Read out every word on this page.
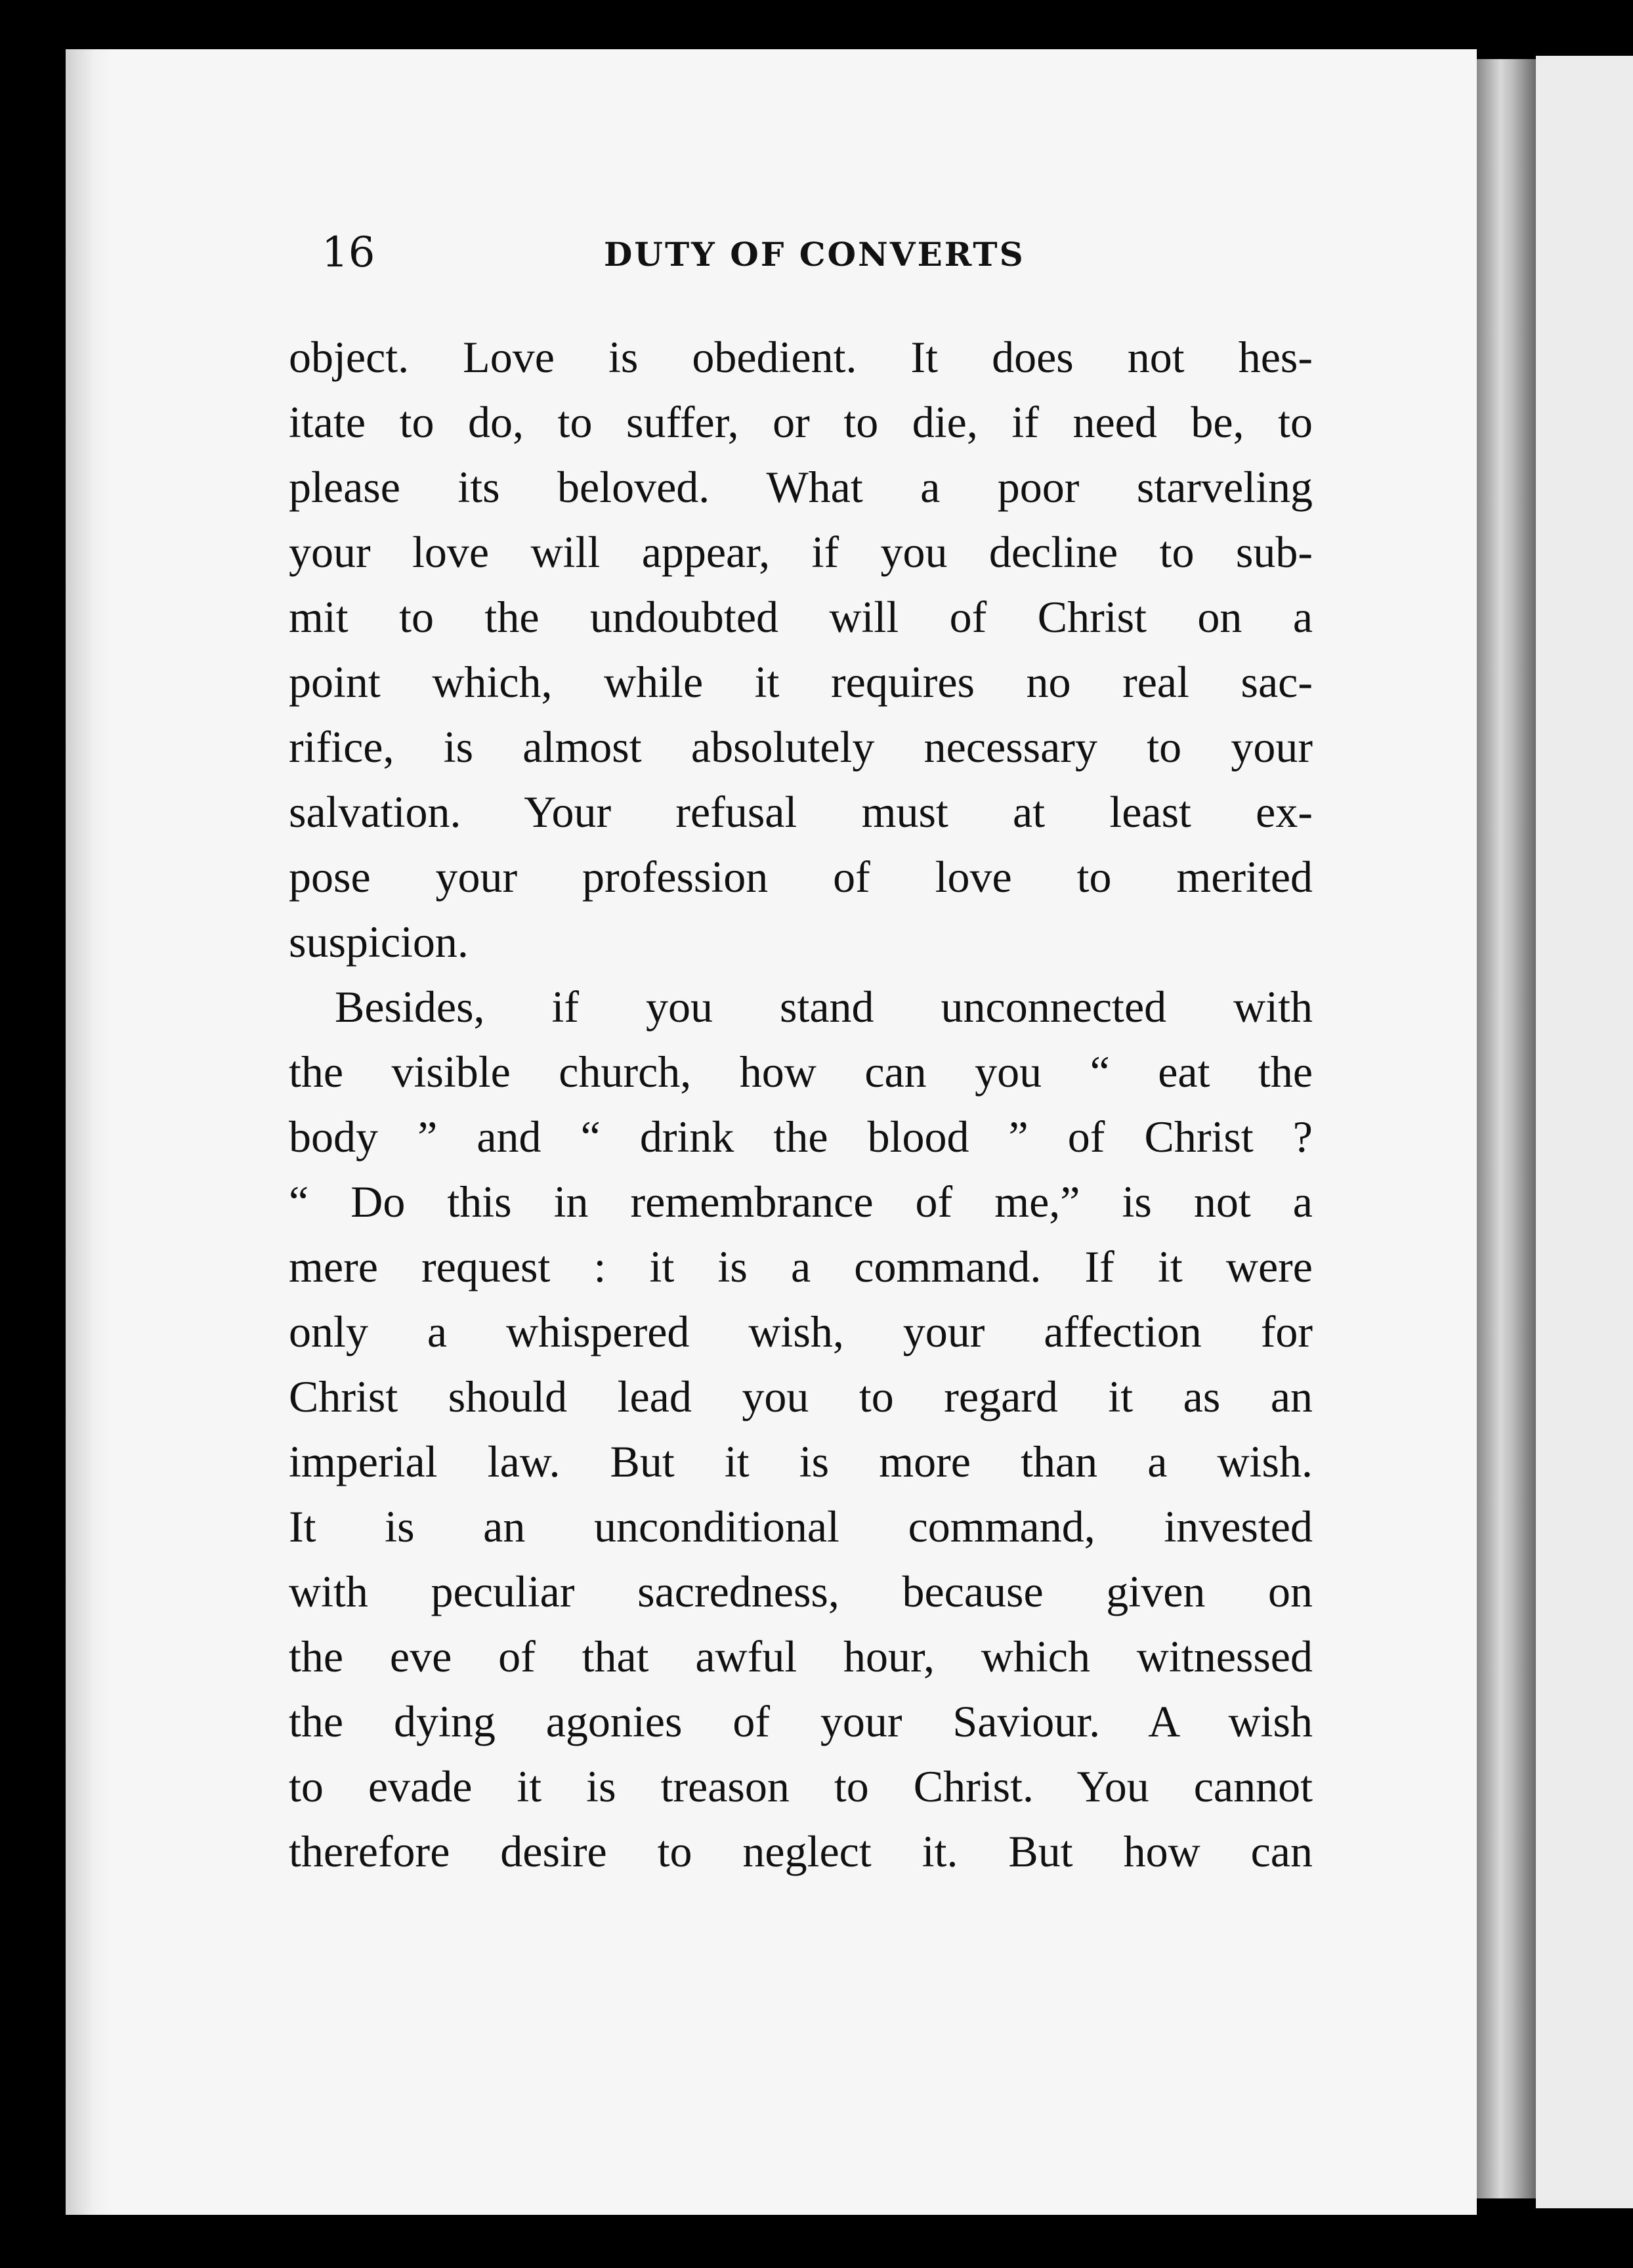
16	DUTY OF CONVERTS
object. Love is obedient. It does not hes-
itate to do, to suffer, or to die, if need be, to
please its beloved. What a poor starveling
your love will appear, if you decline to sub-
mit to the undoubted will of Christ on a
point which, while it requires no real sac-
rifice, is almost absolutely necessary to your
salvation. Your refusal must at least ex-
pose your profession of love to merited
suspicion.
Besides, if you stand unconnected with
the visible church, how can you “ eat the
body ” and “ drink the blood ” of Christ ?
“ Do this in remembrance of me,” is not a
mere request : it is a command. If it were
only a whispered wish, your affection for
Christ should lead you to regard it as an
imperial law. But it is more than a wish.
It is an unconditional command, invested
with peculiar sacredness, because given on
the eve of that awful hour, which witnessed
the dying agonies of your Saviour. A wish
to evade it is treason to Christ. You cannot
therefore desire to neglect it. But how can
